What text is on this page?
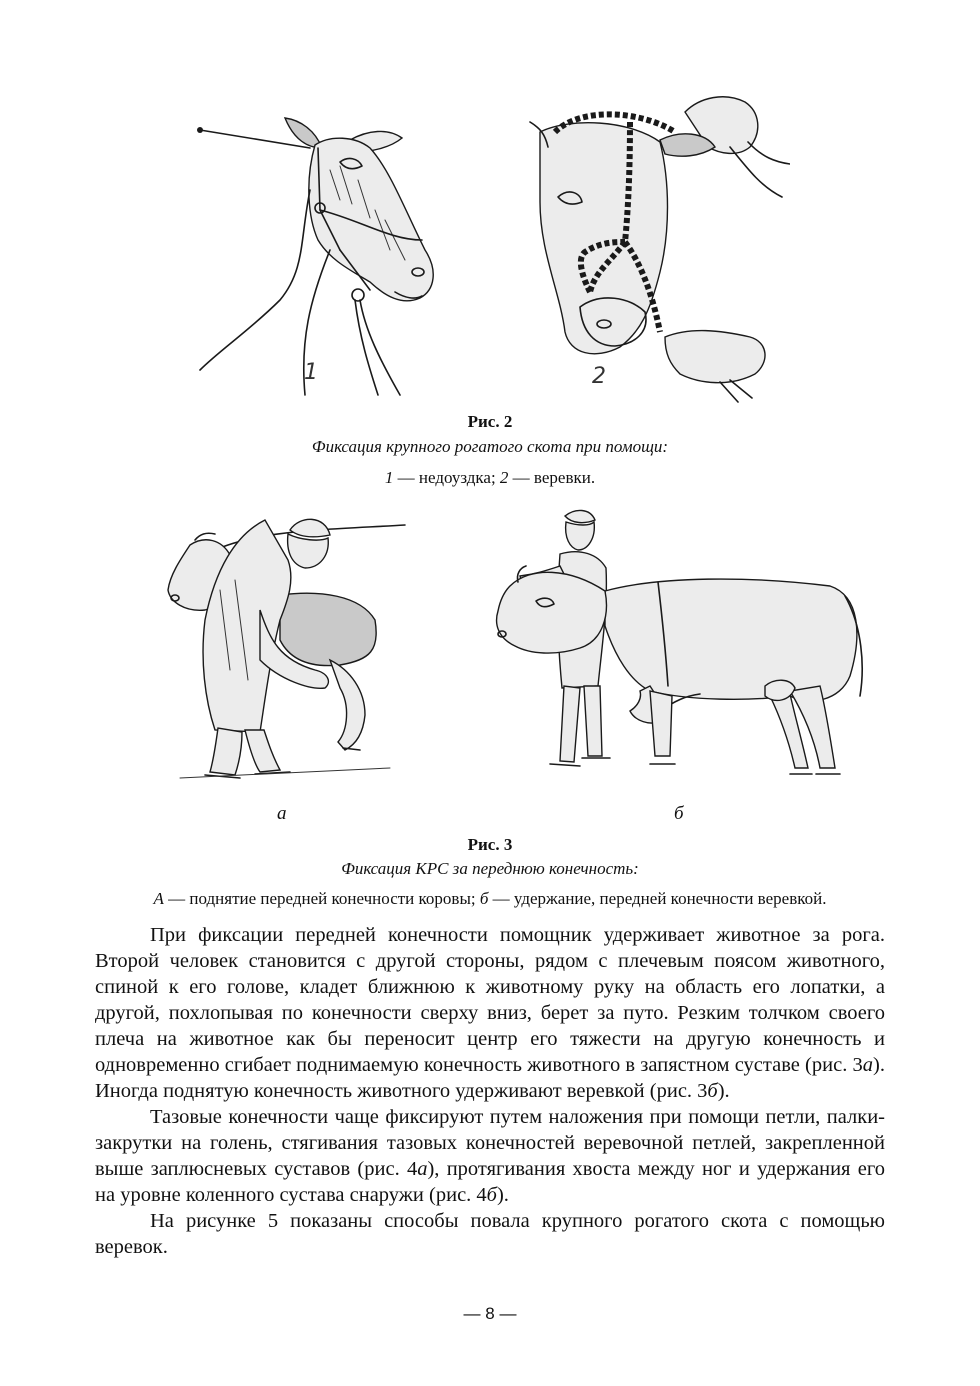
1	2
Рис. 2
Фиксация крупного рогатого скота при помощи:
1 — недоуздка; 2 — веревки.
а	б
Рис. 3
Фиксация КРС за переднюю конечность:
А — поднятие передней конечности коровы; б — удержание, передней конечности веревкой.

При фиксации передней конечности помощник удерживает животное за рога. Второй человек становится с другой стороны, рядом с плечевым поясом животного, спиной к его голове, кладет ближнюю к животному руку на область его лопатки, а другой, похлопывая по конечности сверху вниз, берет за путо. Резким толчком своего плеча на животное как бы переносит центр его тяжести на другую конечность и одновременно сгибает поднимаемую конечность животного в запястном суставе (рис. 3а). Иногда поднятую конечность животного удерживают веревкой (рис. 3б).

Тазовые конечности чаще фиксируют путем наложения при помощи петли, палки-закрутки на голень, стягивания тазовых конечностей веревочной петлей, закрепленной выше заплюсневых суставов (рис. 4а), протягивания хвоста между ног и удержания его на уровне коленного сустава снаружи (рис. 4б).

На рисунке 5 показаны способы повала крупного рогатого скота с помощью веревок.

— 8 —
